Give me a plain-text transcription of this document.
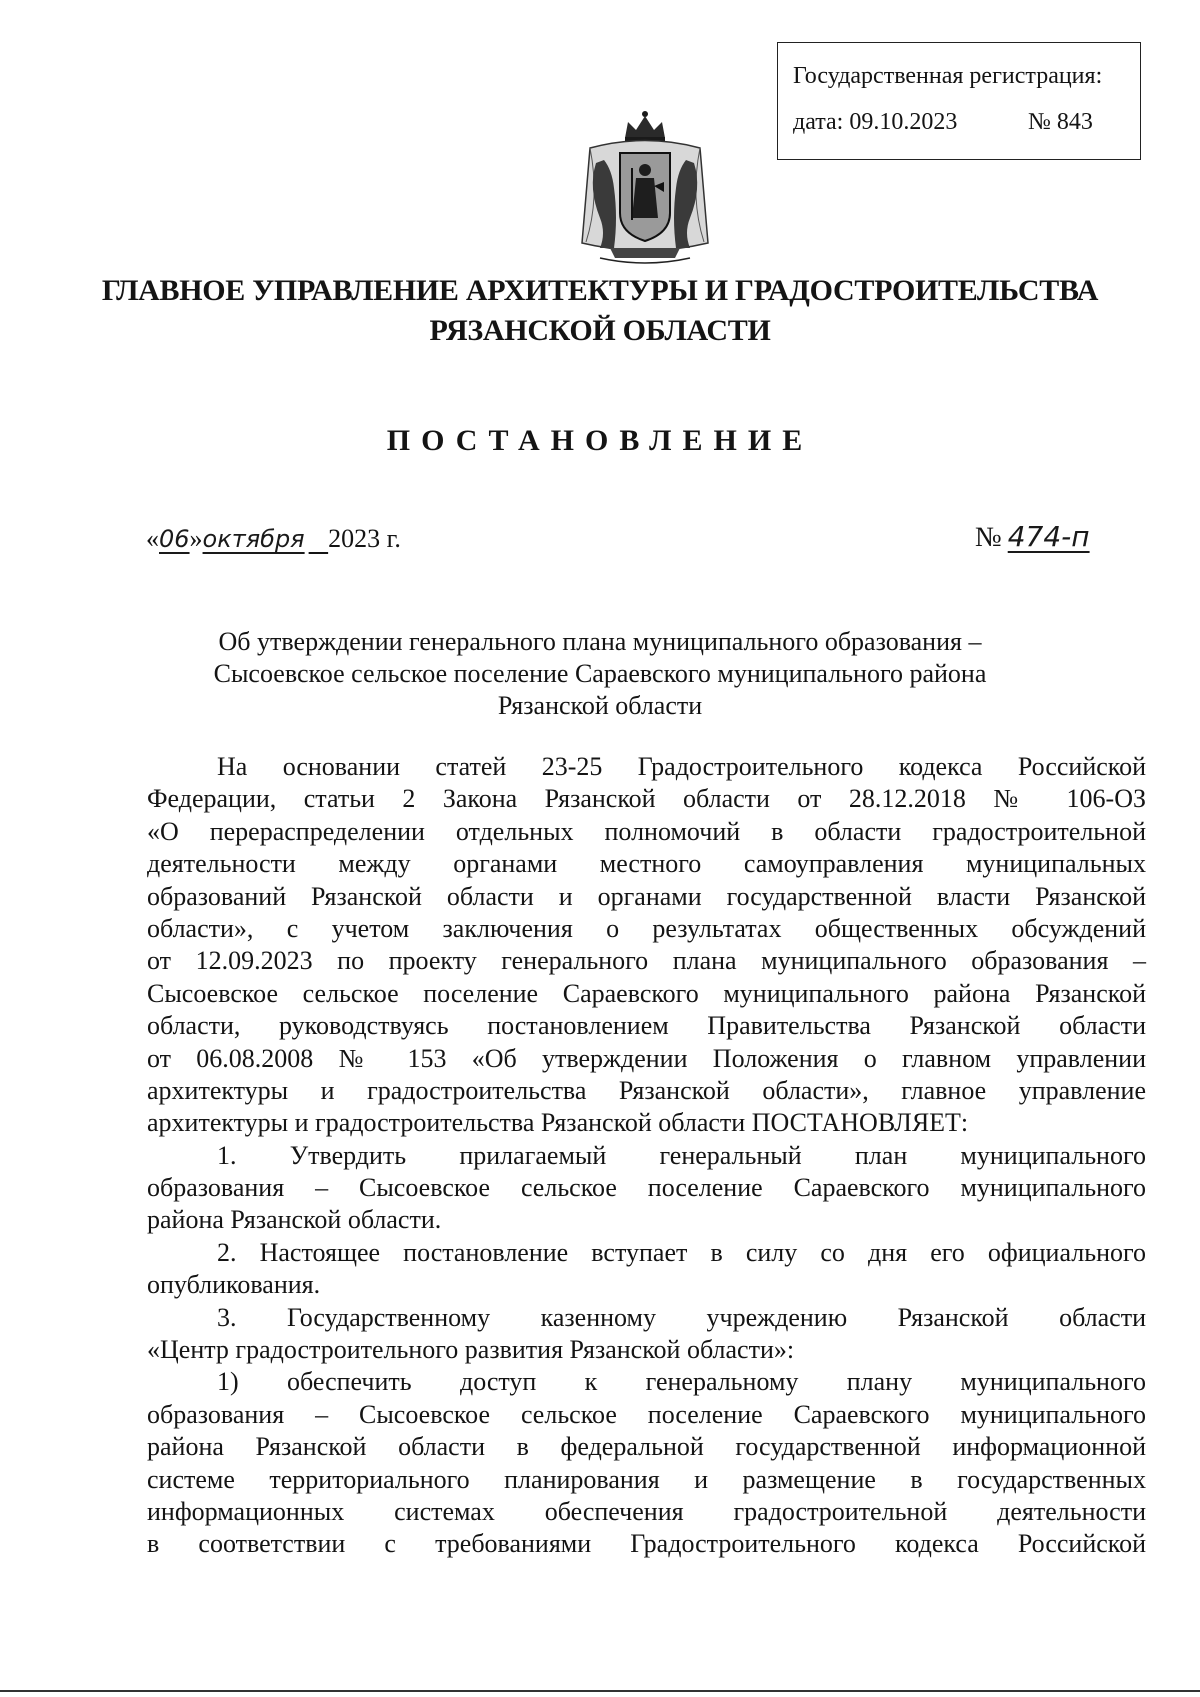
Государственная регистрация:
дата: 09.10.2023	№ 843
ГЛАВНОЕ УПРАВЛЕНИЕ АРХИТЕКТУРЫ И ГРАДОСТРОИТЕЛЬСТВА
РЯЗАНСКОЙ ОБЛАСТИ
ПОСТАНОВЛЕНИЕ
«06»октября 2023 г.	№ 474-п
Об утверждении генерального плана муниципального образования –
Сысоевское сельское поселение Сараевского муниципального района
Рязанской области
На основании статей 23-25 Градостроительного кодекса Российской
Федерации, статьи 2 Закона Рязанской области от 28.12.2018 № 106-ОЗ
«О перераспределении отдельных полномочий в области градостроительной
деятельности между органами местного самоуправления муниципальных
образований Рязанской области и органами государственной власти Рязанской
области», с учетом заключения о результатах общественных обсуждений
от 12.09.2023 по проекту генерального плана муниципального образования –
Сысоевское сельское поселение Сараевского муниципального района Рязанской
области, руководствуясь постановлением Правительства Рязанской области
от 06.08.2008 № 153 «Об утверждении Положения о главном управлении
архитектуры и градостроительства Рязанской области», главное управление
архитектуры и градостроительства Рязанской области ПОСТАНОВЛЯЕТ:
1. Утвердить прилагаемый генеральный план муниципального
образования – Сысоевское сельское поселение Сараевского муниципального
района Рязанской области.
2. Настоящее постановление вступает в силу со дня его официального
опубликования.
3. Государственному казенному учреждению Рязанской области
«Центр градостроительного развития Рязанской области»:
1) обеспечить доступ к генеральному плану муниципального
образования – Сысоевское сельское поселение Сараевского муниципального
района Рязанской области в федеральной государственной информационной
системе территориального планирования и размещение в государственных
информационных системах обеспечения градостроительной деятельности
в соответствии с требованиями Градостроительного кодекса Российской
